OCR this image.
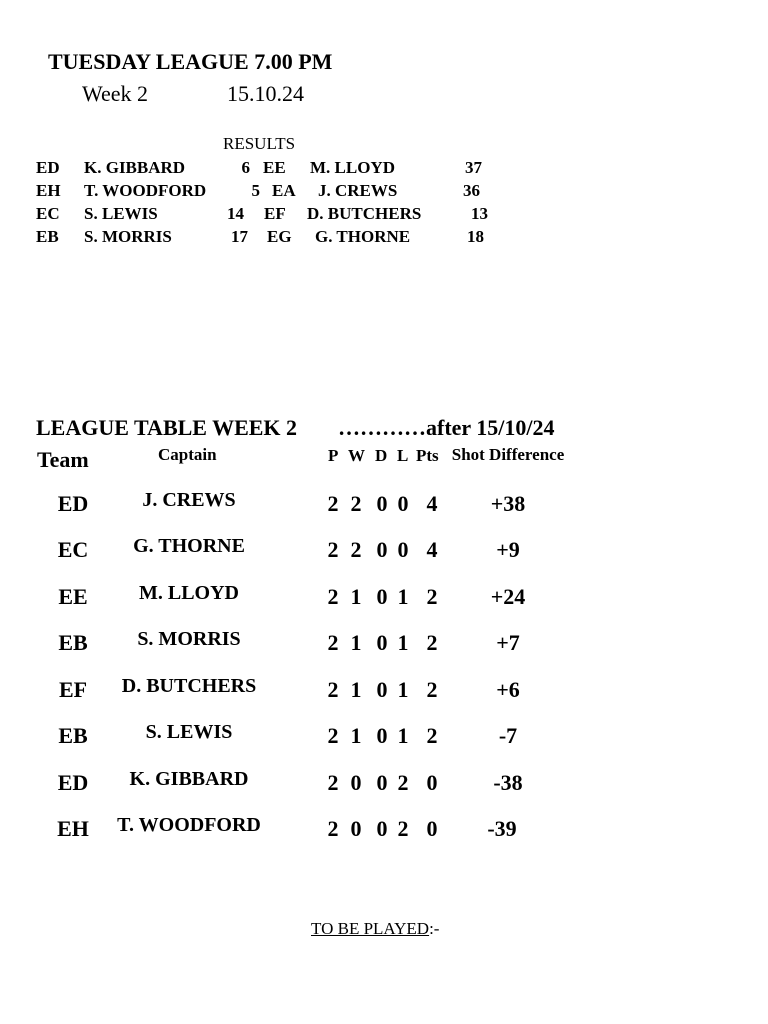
TUESDAY LEAGUE 7.00 PM
Week 2	15.10.24
RESULTS
ED K. GIBBARD	6 EE M. LLOYD	37
EH T. WOODFORD	5 EA J. CREWS	36
EC S. LEWIS	14 EF D. BUTCHERS	13
EB S. MORRIS	17 EG G. THORNE	18
LEAGUE TABLE WEEK 2 …………after 15/10/24
Team	Captain	P W D L Pts Shot Difference
ED	J. CREWS	2 2 0 0 4	+38
EC	G. THORNE	2 2 0 0 4	+9
EE	M. LLOYD	2 1 0 1 2	+24
EB	S. MORRIS	2 1 0 1 2	+7
EF	D. BUTCHERS	2 1 0 1 2	+6
EB	S. LEWIS	2 1 0 1 2	-7
ED	K. GIBBARD	2 0 0 2 0	-38
EH	T. WOODFORD	2 0 0 2 0	-39
TO BE PLAYED:-
